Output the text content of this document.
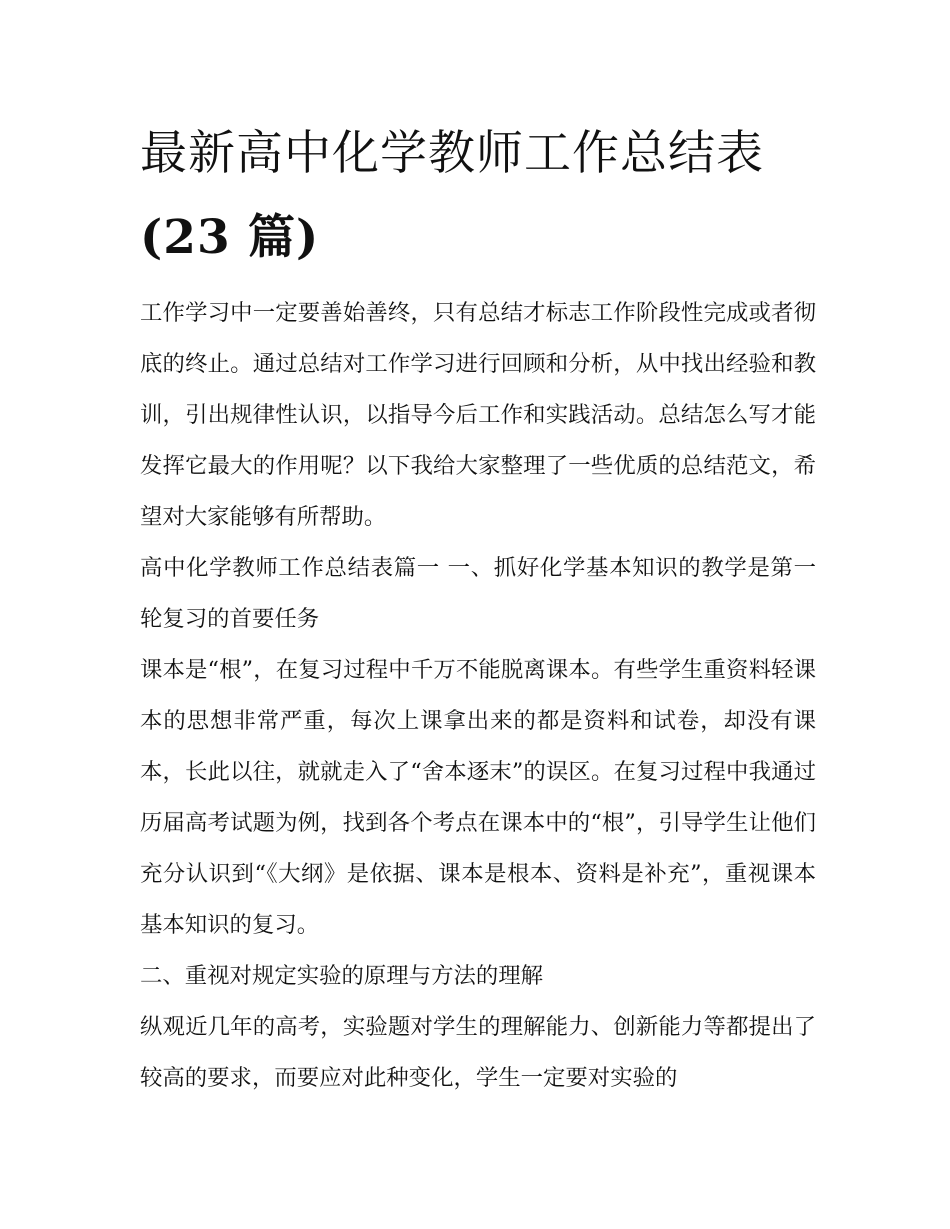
最新高中化学教师工作总结表
(23 篇)

工作学习中一定要善始善终，只有总结才标志工作阶段性完成或者彻底的终止。通过总结对工作学习进行回顾和分析，从中找出经验和教训，引出规律性认识，以指导今后工作和实践活动。总结怎么写才能发挥它最大的作用呢？以下我给大家整理了一些优质的总结范文，希望对大家能够有所帮助。

高中化学教师工作总结表篇一 一、抓好化学基本知识的教学是第一轮复习的首要任务

课本是“根”，在复习过程中千万不能脱离课本。有些学生重资料轻课本的思想非常严重，每次上课拿出来的都是资料和试卷，却没有课本，长此以往，就就走入了“舍本逐末”的误区。在复习过程中我通过历届高考试题为例，找到各个考点在课本中的“根”，引导学生让他们充分认识到“《大纲》是依据、课本是根本、资料是补充”，重视课本基本知识的复习。

二、重视对规定实验的原理与方法的理解

纵观近几年的高考，实验题对学生的理解能力、创新能力等都提出了较高的要求，而要应对此种变化，学生一定要对实验的
